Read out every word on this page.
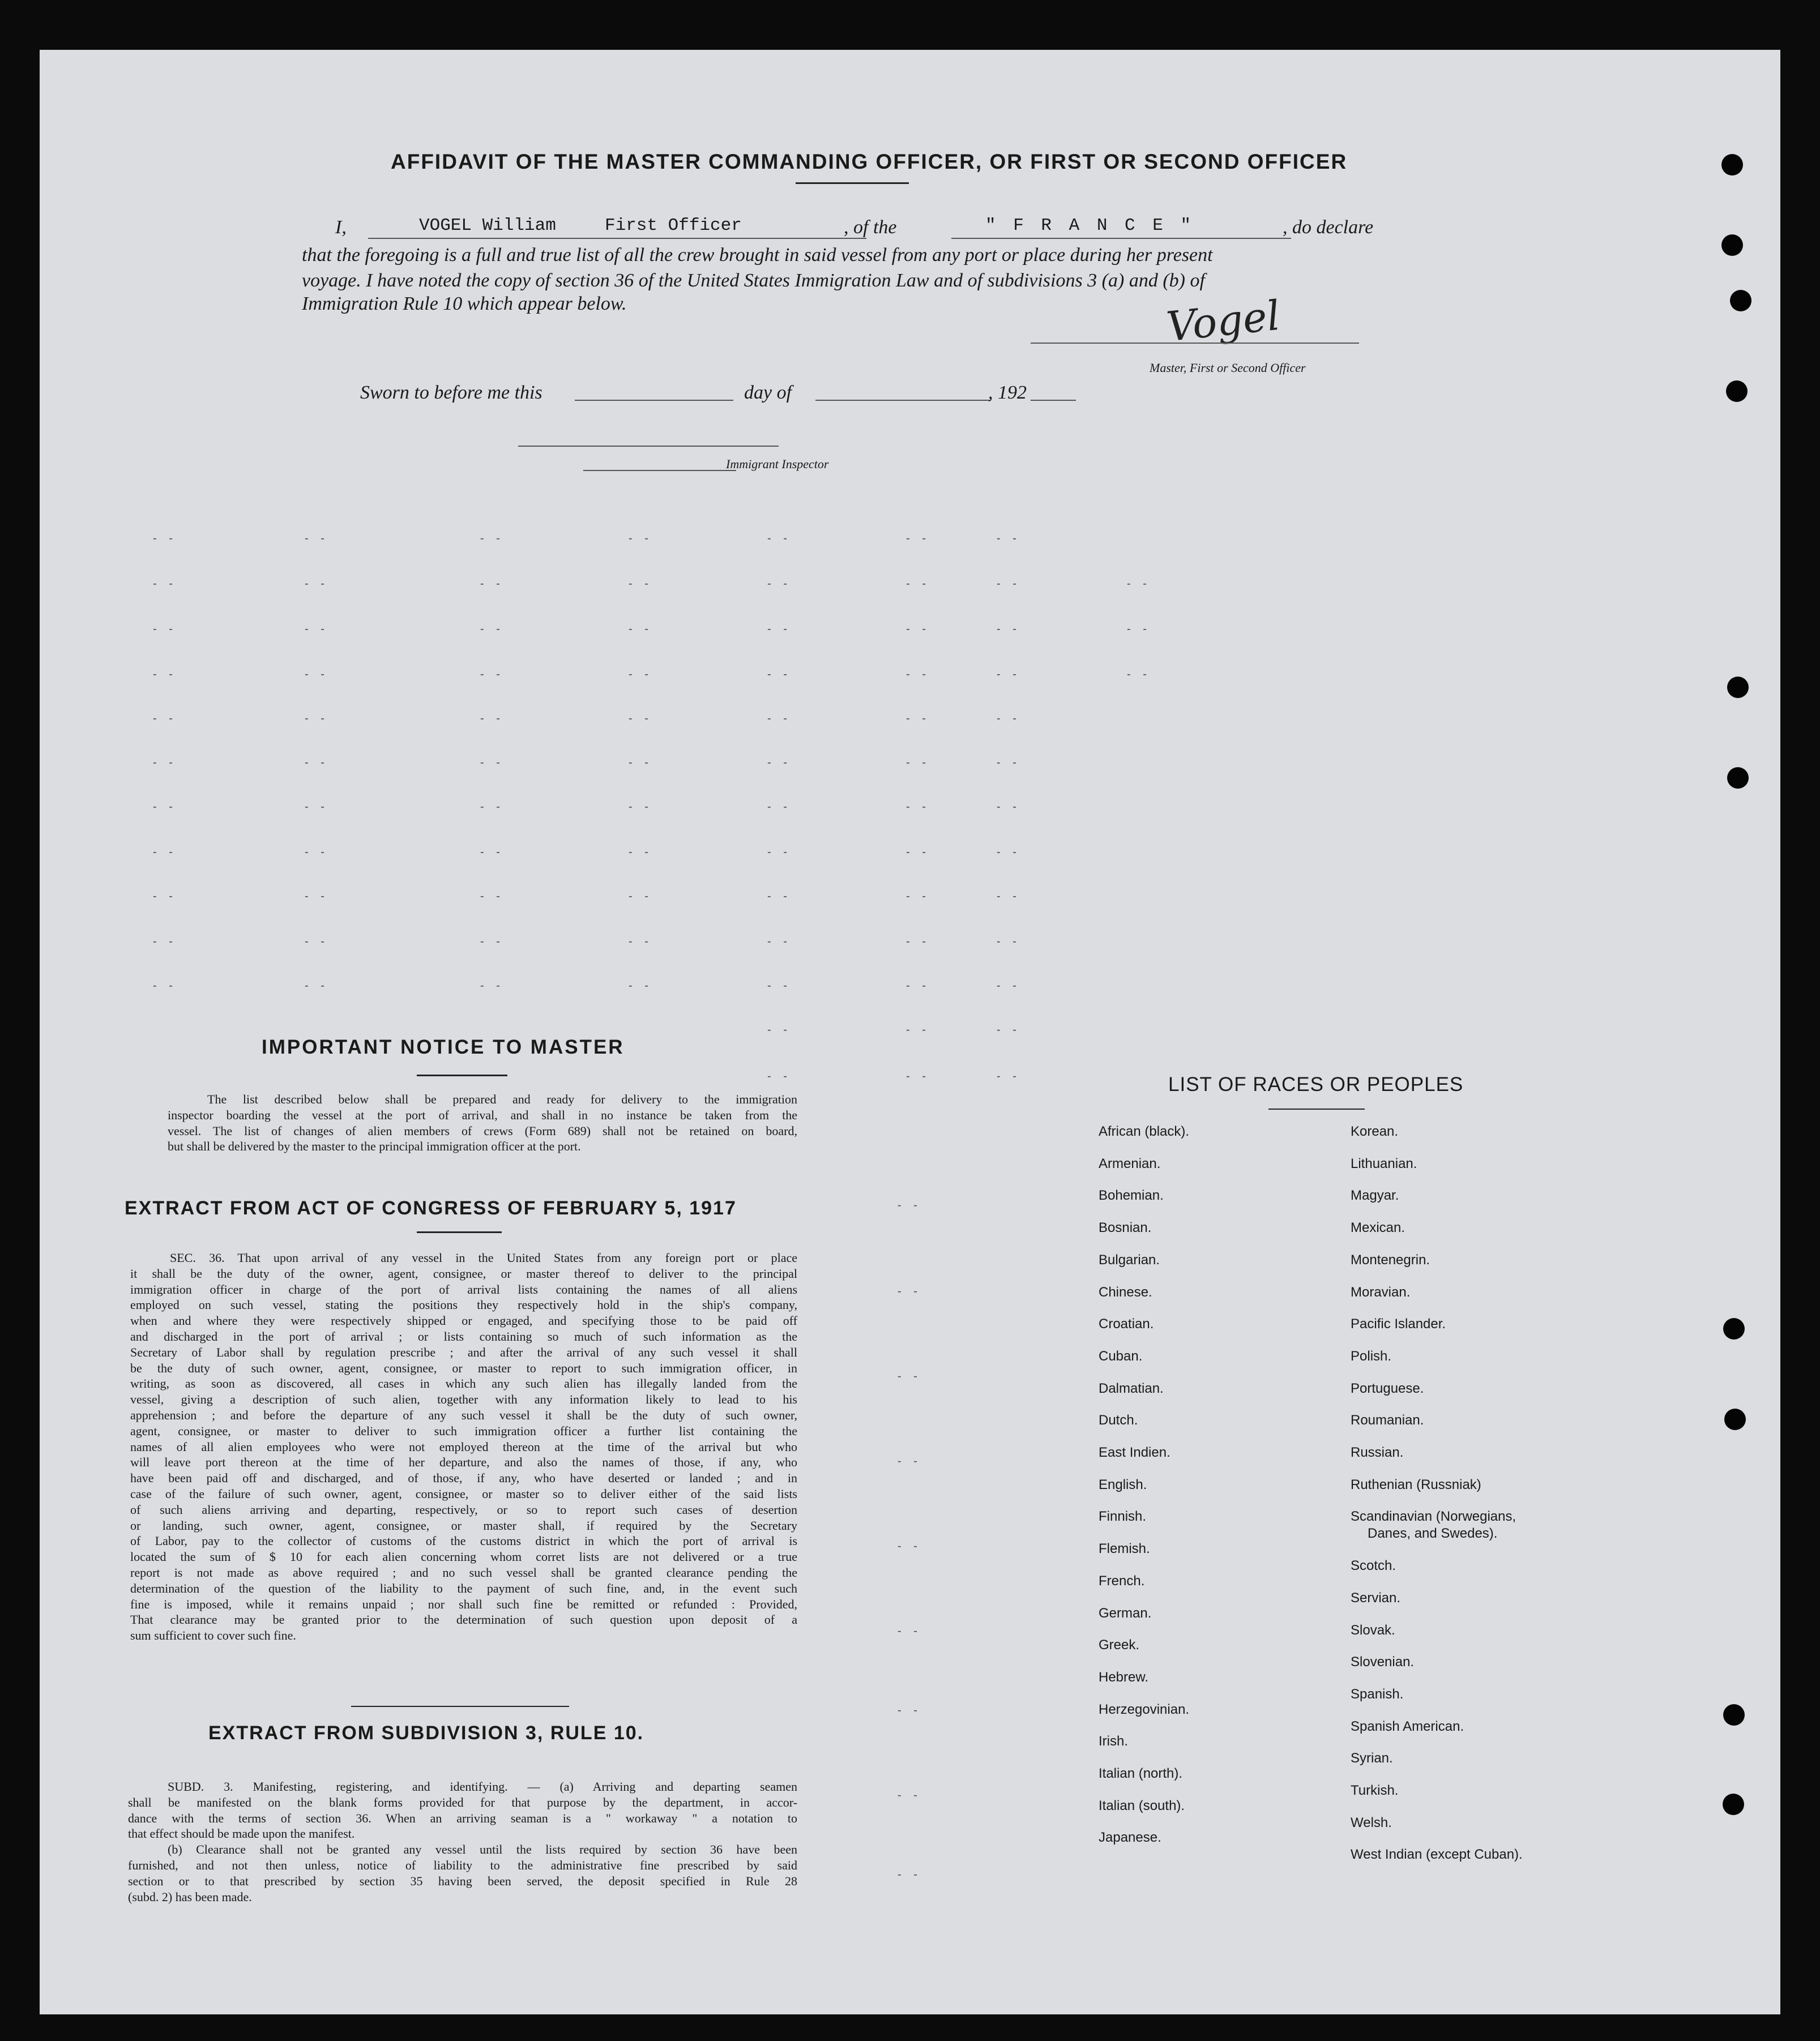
AFFIDAVIT OF THE MASTER COMMANDING OFFICER, OR FIRST OR SECOND OFFICER
I,	VOGEL William	First Officer	, of the	" F R A N C E "	, do declare
that the foregoing is a full and true list of all the crew brought in said vessel from any port or place during her present
voyage. I have noted the copy of section 36 of the United States Immigration Law and of subdivisions 3 (a) and (b) of
Immigration Rule 10 which appear below.	Vogel
Master, First or Second Officer
Sworn to before me this	day of	, 192
Immigrant Inspector
- -	- -	- -	- -	- -	- -	- -
- -	- -	- -	- -	- -	- -	- -	- -
- -	- -	- -	- -	- -	- -	- -	- -
- -	- -	- -	- -	- -	- -	- -	- -
- -	- -	- -	- -	- -	- -	- -
- -	- -	- -	- -	- -	- -	- -
- -	- -	- -	- -	- -	- -	- -
- -	- -	- -	- -	- -	- -	- -
- -	- -	- -	- -	- -	- -	- -
- -	- -	- -	- -	- -	- -	- -
- -	- -	- -	- -	- -	- -	- -
- -	- -	- -
- -	- -	- -
- -
- -
- -
- -
- -
- -
- -
- -
- -
IMPORTANT NOTICE TO MASTER
The list described below shall be prepared and ready for delivery to the immigration
inspector boarding the vessel at the port of arrival, and shall in no instance be taken from the
vessel. The list of changes of alien members of crews (Form 689) shall not be retained on board,
but shall be delivered by the master to the principal immigration officer at the port.
EXTRACT FROM ACT OF CONGRESS OF FEBRUARY 5, 1917
SEC. 36. That upon arrival of any vessel in the United States from any foreign port or place
it shall be the duty of the owner, agent, consignee, or master thereof to deliver to the principal
immigration officer in charge of the port of arrival lists containing the names of all aliens
employed on such vessel, stating the positions they respectively hold in the ship's company,
when and where they were respectively shipped or engaged, and specifying those to be paid off
and discharged in the port of arrival ; or lists containing so much of such information as the
Secretary of Labor shall by regulation prescribe ; and after the arrival of any such vessel it shall
be the duty of such owner, agent, consignee, or master to report to such immigration officer, in
writing, as soon as discovered, all cases in which any such alien has illegally landed from the
vessel, giving a description of such alien, together with any information likely to lead to his
apprehension ; and before the departure of any such vessel it shall be the duty of such owner,
agent, consignee, or master to deliver to such immigration officer a further list containing the
names of all alien employees who were not employed thereon at the time of the arrival but who
will leave port thereon at the time of her departure, and also the names of those, if any, who
have been paid off and discharged, and of those, if any, who have deserted or landed ; and in
case of the failure of such owner, agent, consignee, or master so to deliver either of the said lists
of such aliens arriving and departing, respectively, or so to report such cases of desertion
or landing, such owner, agent, consignee, or master shall, if required by the Secretary
of Labor, pay to the collector of customs of the customs district in which the port of arrival is
located the sum of $ 10 for each alien concerning whom corret lists are not delivered or a true
report is not made as above required ; and no such vessel shall be granted clearance pending the
determination of the question of the liability to the payment of such fine, and, in the event such
fine is imposed, while it remains unpaid ; nor shall such fine be remitted or refunded : Provided,
That clearance may be granted prior to the determination of such question upon deposit of a
sum sufficient to cover such fine.
EXTRACT FROM SUBDIVISION 3, RULE 10.
SUBD. 3. Manifesting, registering, and identifying. — (a) Arriving and departing seamen
shall be manifested on the blank forms provided for that purpose by the department, in accor-
dance with the terms of section 36. When an arriving seaman is a " workaway " a notation to
that effect should be made upon the manifest.
(b) Clearance shall not be granted any vessel until the lists required by section 36 have been
furnished, and not then unless, notice of liability to the administrative fine prescribed by said
section or to that prescribed by section 35 having been served, the deposit specified in Rule 28
(subd. 2) has been made.
LIST OF RACES OR PEOPLES
African (black).
Armenian.
Bohemian.
Bosnian.
Bulgarian.
Chinese.
Croatian.
Cuban.
Dalmatian.
Dutch.
East Indien.
English.
Finnish.
Flemish.
French.
German.
Greek.
Hebrew.
Herzegovinian.
Irish.
Italian (north).
Italian (south).
Japanese.
Korean.
Lithuanian.
Magyar.
Mexican.
Montenegrin.
Moravian.
Pacific Islander.
Polish.
Portuguese.
Roumanian.
Russian.
Ruthenian (Russniak)
Scandinavian (Norwegians,
Danes, and Swedes).
Scotch.
Servian.
Slovak.
Slovenian.
Spanish.
Spanish American.
Syrian.
Turkish.
Welsh.
West Indian (except Cuban).
